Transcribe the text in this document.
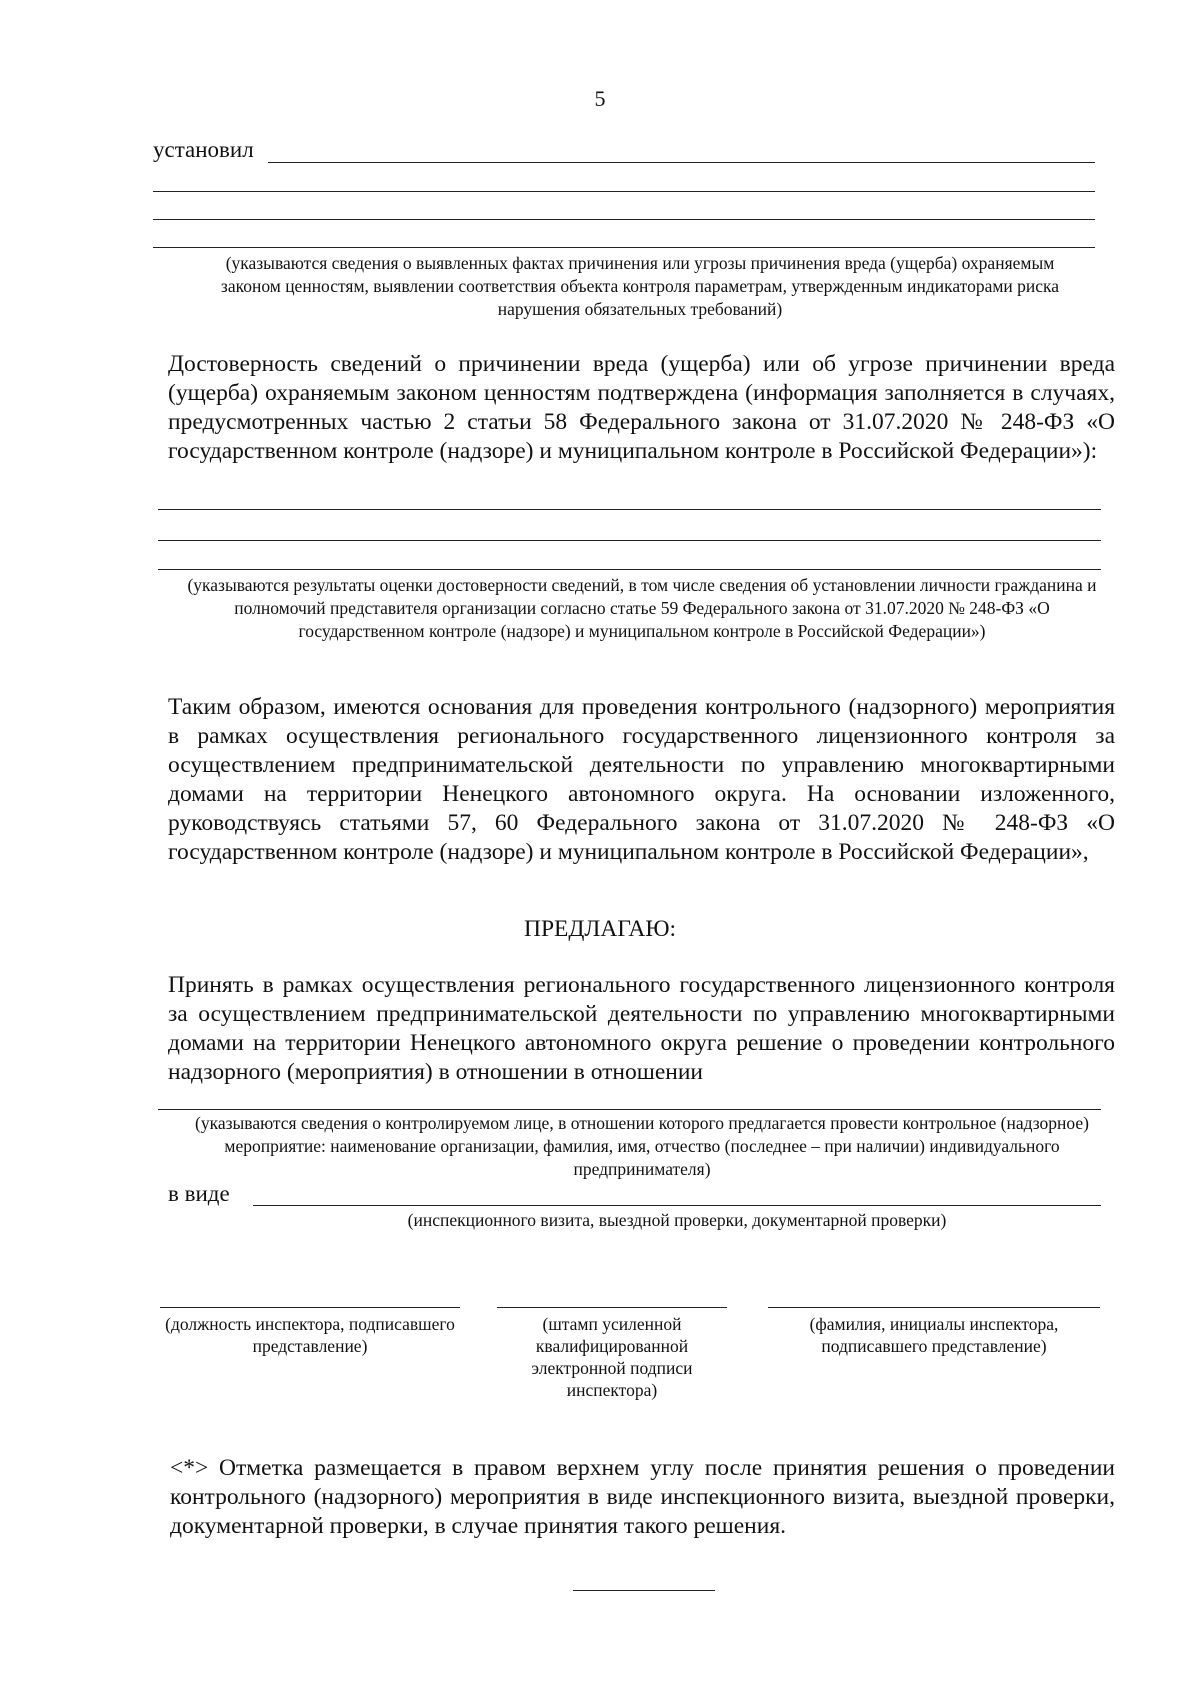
5
установил
(указываются сведения о выявленных фактах причинения или угрозы причинения вреда (ущерба) охраняемым законом ценностям, выявлении соответствия объекта контроля параметрам, утвержденным индикаторами риска нарушения обязательных требований)
Достоверность сведений о причинении вреда (ущерба) или об угрозе причинении вреда (ущерба) охраняемым законом ценностям подтверждена (информация заполняется в случаях, предусмотренных частью 2 статьи 58 Федерального закона от 31.07.2020 № 248-ФЗ «О государственном контроле (надзоре) и муниципальном контроле в Российской Федерации»):
(указываются результаты оценки достоверности сведений, в том числе сведения об установлении личности гражданина и полномочий представителя организации согласно статье 59 Федерального закона от 31.07.2020 № 248-ФЗ «О государственном контроле (надзоре) и муниципальном контроле в Российской Федерации»)
Таким образом, имеются основания для проведения контрольного (надзорного) мероприятия в рамках осуществления регионального государственного лицензионного контроля за осуществлением предпринимательской деятельности по управлению многоквартирными домами на территории Ненецкого автономного округа. На основании изложенного, руководствуясь статьями 57, 60 Федерального закона от 31.07.2020 № 248-ФЗ «О государственном контроле (надзоре) и муниципальном контроле в Российской Федерации»,
ПРЕДЛАГАЮ:
Принять в рамках осуществления регионального государственного лицензионного контроля за осуществлением предпринимательской деятельности по управлению многоквартирными домами на территории Ненецкого автономного округа решение о проведении контрольного надзорного (мероприятия) в отношении в отношении
(указываются сведения о контролируемом лице, в отношении которого предлагается провести контрольное (надзорное) мероприятие: наименование организации, фамилия, имя, отчество (последнее – при наличии) индивидуального предпринимателя)
в виде
(инспекционного визита, выездной проверки, документарной проверки)
(должность инспектора, подписавшего представление)
(штамп усиленной квалифицированной электронной подписи инспектора)
(фамилия, инициалы инспектора, подписавшего представление)
<*> Отметка размещается в правом верхнем углу после принятия решения о проведении контрольного (надзорного) мероприятия в виде инспекционного визита, выездной проверки, документарной проверки, в случае принятия такого решения.
